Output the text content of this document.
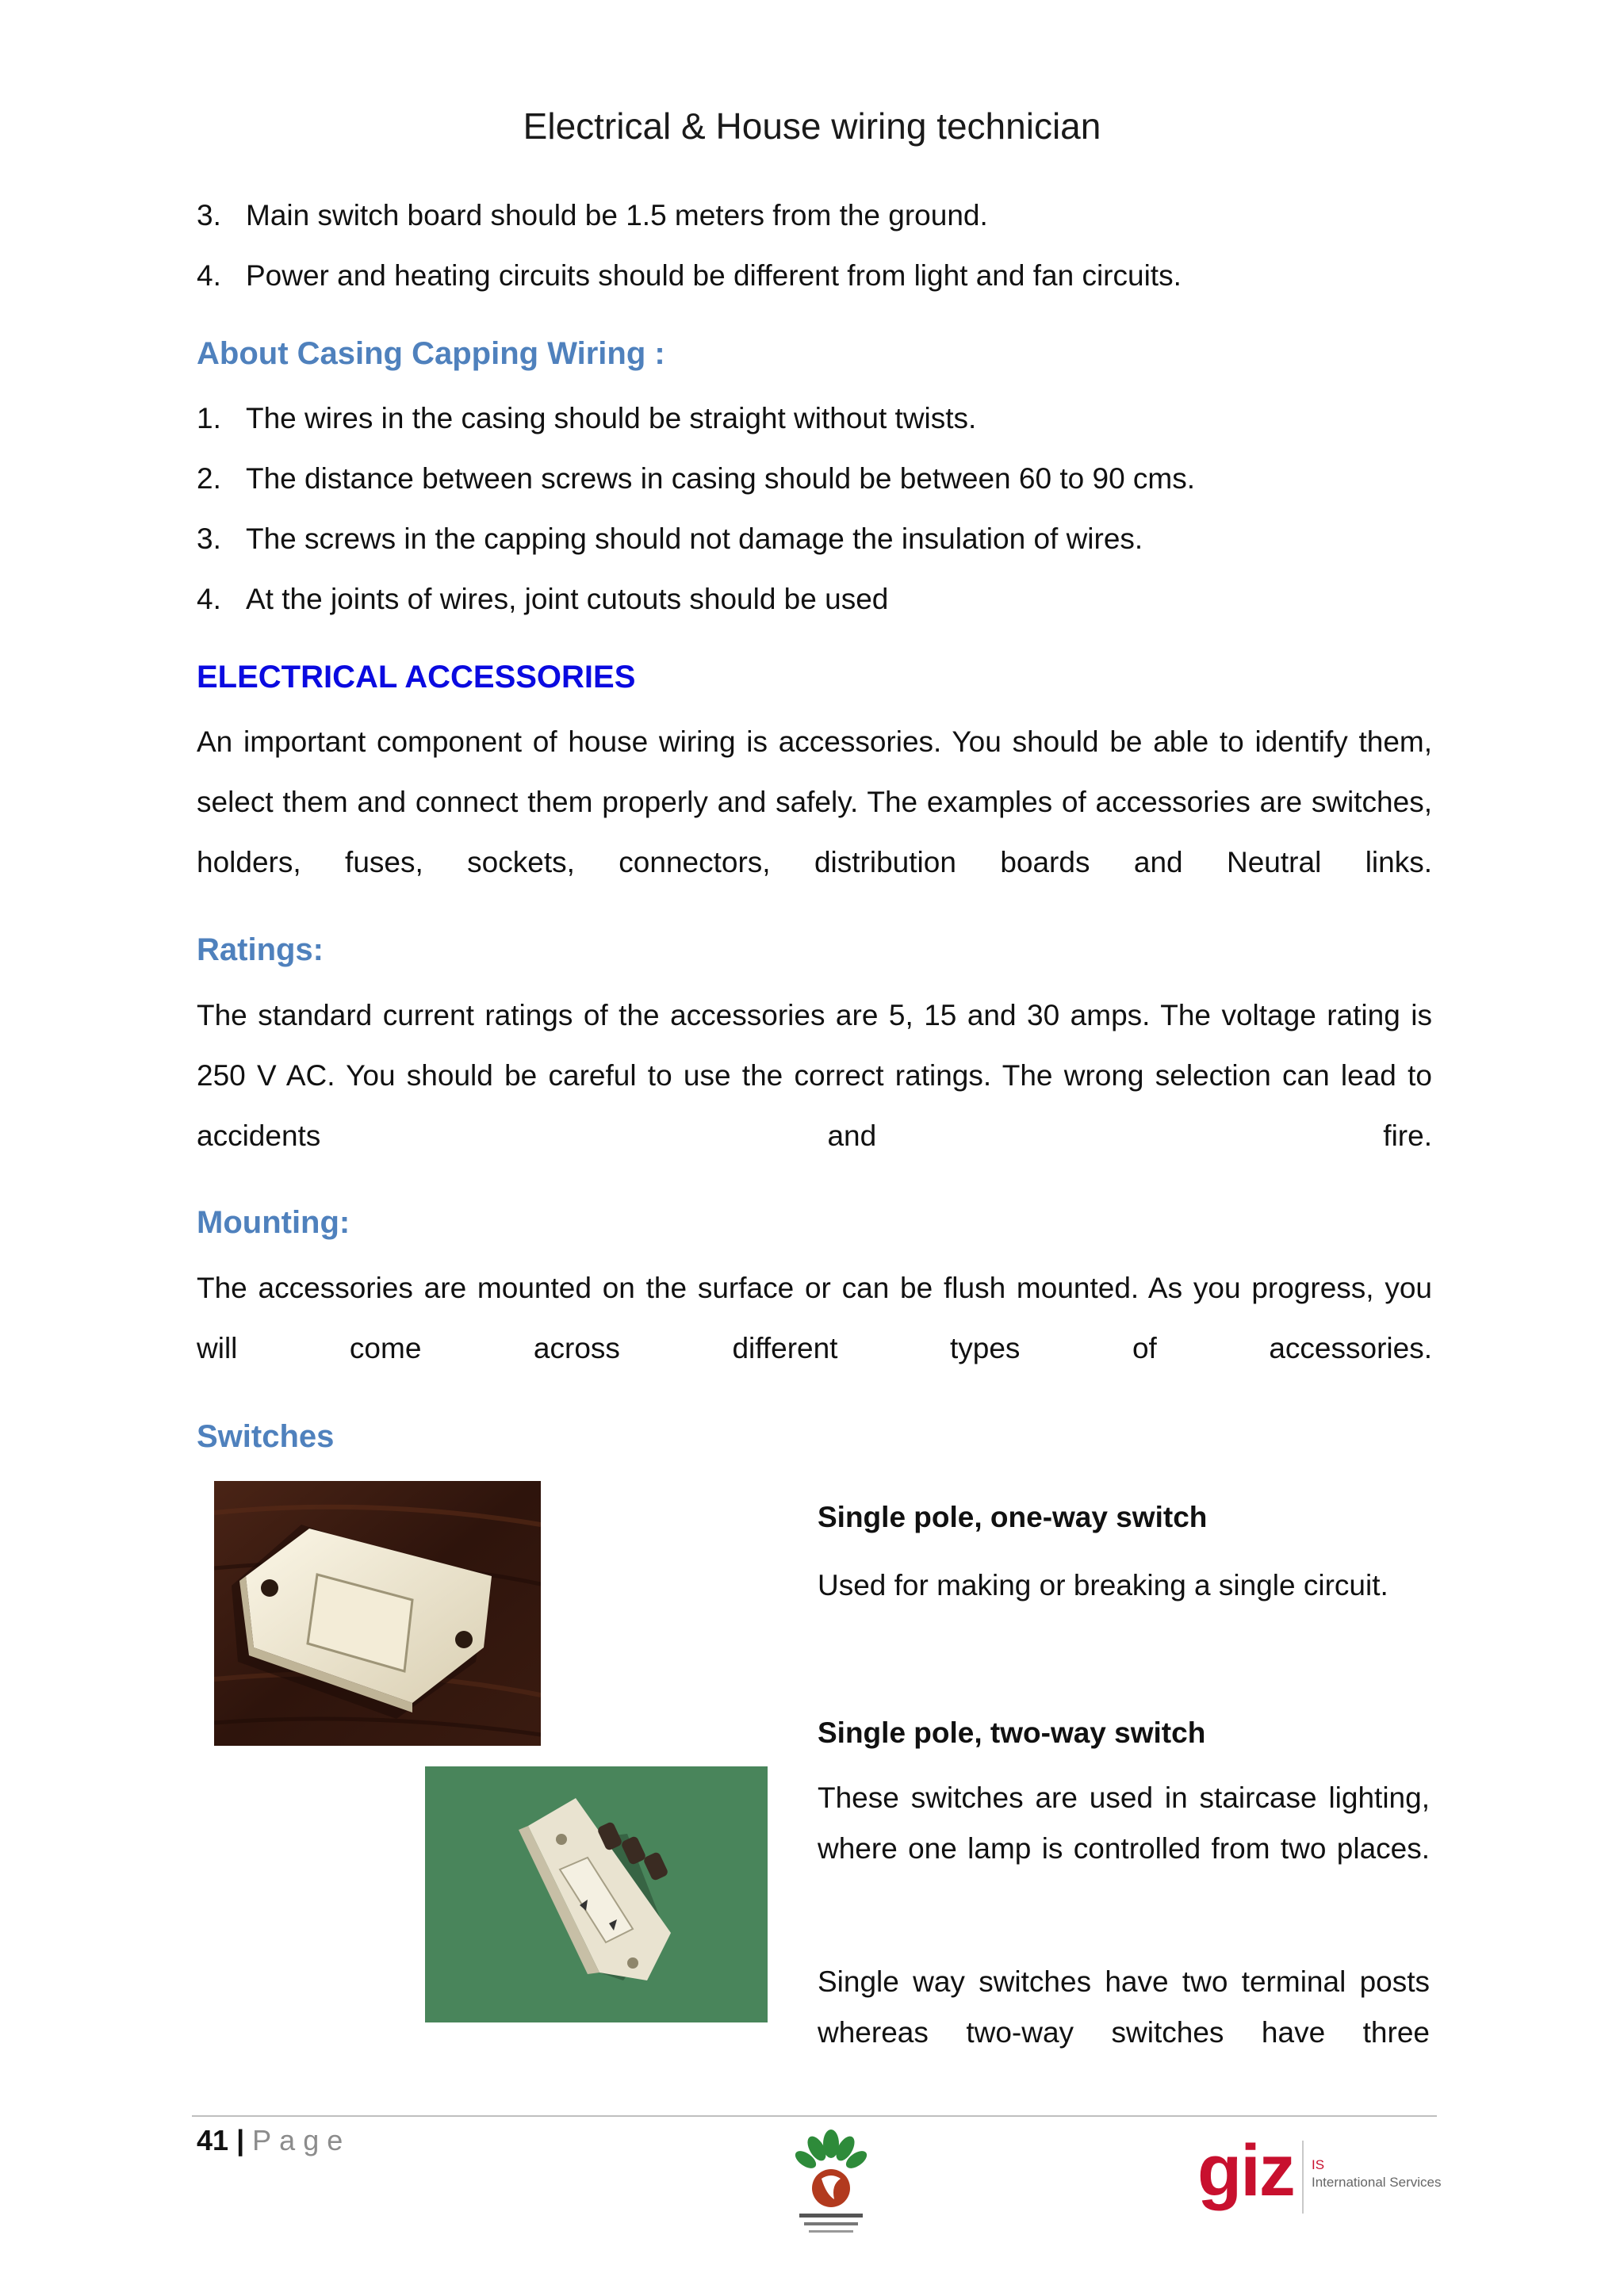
Electrical & House wiring technician
3. Main switch board should be 1.5 meters from the ground.
4. Power and heating circuits should be different from light and fan circuits.
About Casing Capping Wiring :
1. The wires in the casing should be straight without twists.
2. The distance between screws in casing should be between 60 to 90 cms.
3. The screws in the capping should not damage the insulation of wires.
4. At the joints of wires, joint cutouts should be used
ELECTRICAL ACCESSORIES
An important component of house wiring is accessories. You should be able to identify them, select them and connect them properly and safely. The examples of accessories are switches, holders, fuses, sockets, connectors, distribution boards and Neutral links.
Ratings:
The standard current ratings of the accessories are 5, 15 and 30 amps. The voltage rating is 250 V AC. You should be careful to use the correct ratings. The wrong selection can lead to accidents and fire.
Mounting:
The accessories are mounted on the surface or can be flush mounted. As you progress, you will come across different types of accessories.
Switches
Single pole, one-way switch
Used for making or breaking a single circuit.
Single pole, two-way switch
These switches are used in staircase lighting, where one lamp is controlled from two places.
Single way switches have two terminal posts whereas two-way switches have three
41 | Page	giz IS
International Services
